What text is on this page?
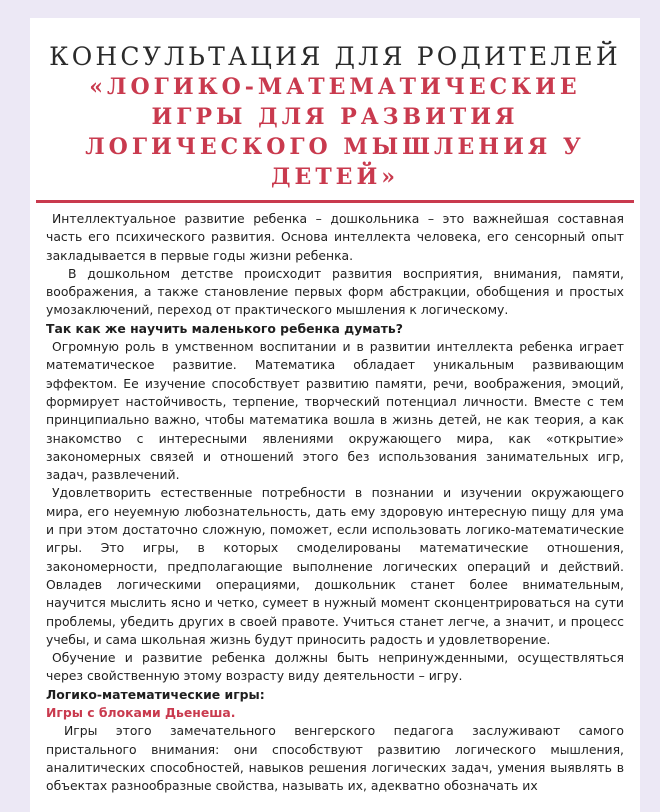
КОНСУЛЬТАЦИЯ ДЛЯ РОДИТЕЛЕЙ
«ЛОГИКО-МАТЕМАТИЧЕСКИЕ
ИГРЫ ДЛЯ РАЗВИТИЯ
ЛОГИЧЕСКОГО МЫШЛЕНИЯ У
ДЕТЕЙ»

Интеллектуальное развитие ребенка – дошкольника – это важнейшая составная часть его психического развития. Основа интеллекта человека, его сенсорный опыт закладывается в первые годы жизни ребенка.

В дошкольном детстве происходит развития восприятия, внимания, памяти, воображения, а также становление первых форм абстракции, обобщения и простых умозаключений, переход от практического мышления к логическому.

Так как же научить маленького ребенка думать?

Огромную роль в умственном воспитании и в развитии интеллекта ребенка играет математическое развитие. Математика обладает уникальным развивающим эффектом. Ее изучение способствует развитию памяти, речи, воображения, эмоций, формирует настойчивость, терпение, творческий потенциал личности. Вместе с тем принципиально важно, чтобы математика вошла в жизнь детей, не как теория, а как знакомство с интересными явлениями окружающего мира, как «открытие» закономерных связей и отношений этого без использования занимательных игр, задач, развлечений.

Удовлетворить естественные потребности в познании и изучении окружающего мира, его неуемную любознательность, дать ему здоровую интересную пищу для ума и при этом достаточно сложную, поможет, если использовать логико-математические игры. Это игры, в которых смоделированы математические отношения, закономерности, предполагающие выполнение логических операций и действий. Овладев логическими операциями, дошкольник станет более внимательным, научится мыслить ясно и четко, сумеет в нужный момент сконцентрироваться на сути проблемы, убедить других в своей правоте. Учиться станет легче, а значит, и процесс учебы, и сама школьная жизнь будут приносить радость и удовлетворение.

Обучение и развитие ребенка должны быть непринужденными, осуществляться через свойственную этому возрасту виду деятельности – игру.

Логико-математические игры:

Игры с блоками Дьенеша.

Игры этого замечательного венгерского педагога заслуживают самого пристального внимания: они способствуют развитию логического мышления, аналитических способностей, навыков решения логических задач, умения выявлять в объектах разнообразные свойства, называть их, адекватно обозначать их
